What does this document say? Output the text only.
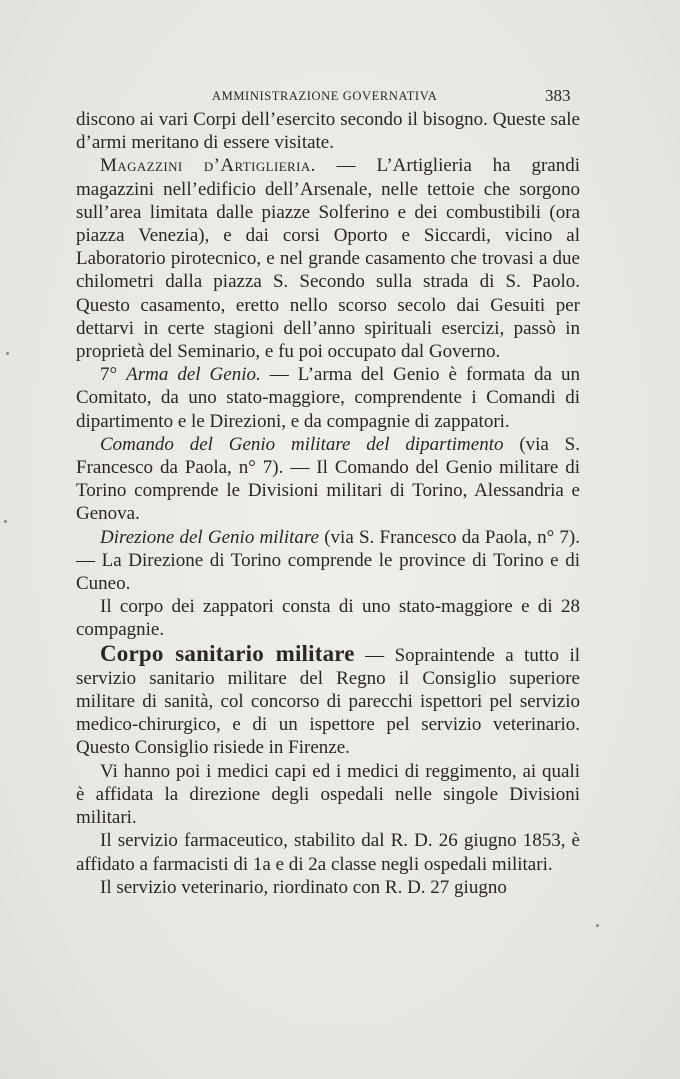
AMMINISTRAZIONE GOVERNATIVA	383

discono ai vari Corpi dell’esercito secondo il bisogno. Queste sale d’armi meritano di essere visitate.

Magazzini d’Artiglieria. — L’Artiglieria ha grandi magazzini nell’edificio dell’Arsenale, nelle tettoie che sorgono sull’area limitata dalle piazze Solferino e dei combustibili (ora piazza Venezia), e dai corsi Oporto e Siccardi, vicino al Laboratorio pirotecnico, e nel grande casamento che trovasi a due chilometri dalla piazza S. Secondo sulla strada di S. Paolo. Questo casamento, eretto nello scorso secolo dai Gesuiti per dettarvi in certe stagioni dell’anno spirituali esercizi, passò in proprietà del Seminario, e fu poi occupato dal Governo.

7° Arma del Genio. — L’arma del Genio è formata da un Comitato, da uno stato-maggiore, comprendente i Comandi di dipartimento e le Direzioni, e da compagnie di zappatori.

Comando del Genio militare del dipartimento (via S. Francesco da Paola, n° 7). — Il Comando del Genio militare di Torino comprende le Divisioni militari di Torino, Alessandria e Genova.

Direzione del Genio militare (via S. Francesco da Paola, n° 7). — La Direzione di Torino comprende le province di Torino e di Cuneo.

Il corpo dei zappatori consta di uno stato-maggiore e di 28 compagnie.

Corpo sanitario militare — Sopraintende a tutto il servizio sanitario militare del Regno il Consiglio superiore militare di sanità, col concorso di parecchi ispettori pel servizio medico-chirurgico, e di un ispettore pel servizio veterinario. Questo Consiglio risiede in Firenze.

Vi hanno poi i medici capi ed i medici di reggimento, ai quali è affidata la direzione degli ospedali nelle singole Divisioni militari.

Il servizio farmaceutico, stabilito dal R. D. 26 giugno 1853, è affidato a farmacisti di 1a e di 2a classe negli ospedali militari.

Il servizio veterinario, riordinato con R. D. 27 giugno
